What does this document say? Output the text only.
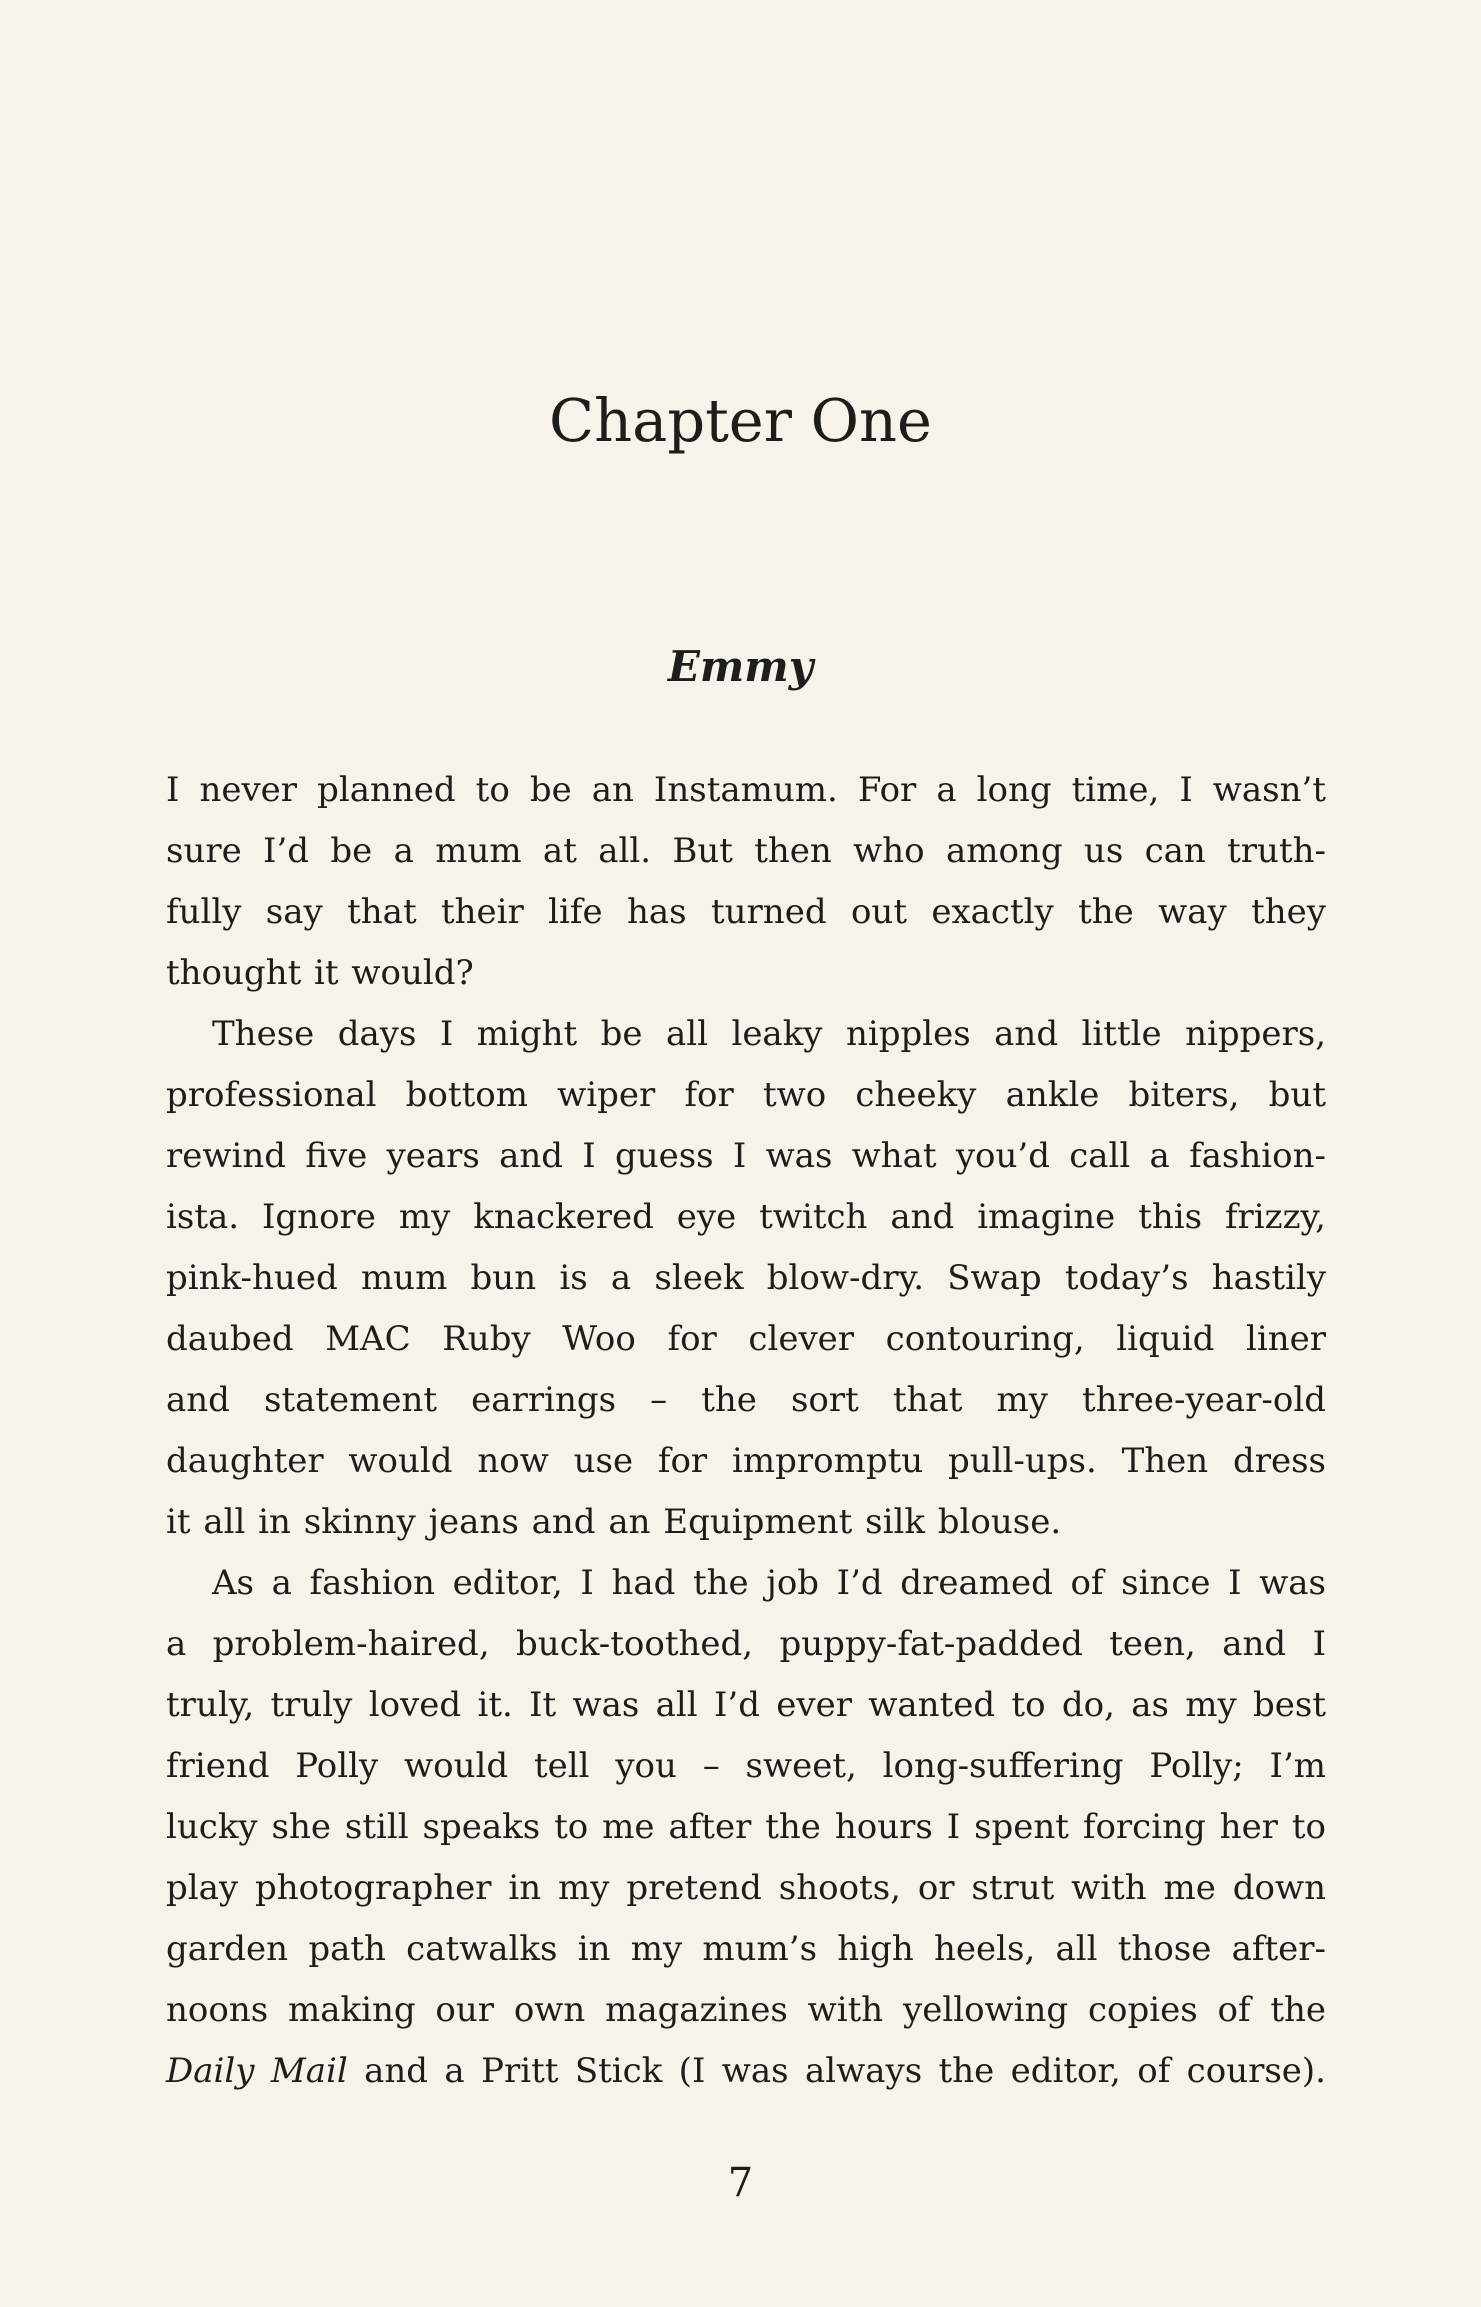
Chapter One
Emmy
I never planned to be an Instamum. For a long time, I wasn’t
sure I’d be a mum at all. But then who among us can truth-
fully say that their life has turned out exactly the way they
thought it would?
These days I might be all leaky nipples and little nippers,
professional bottom wiper for two cheeky ankle biters, but
rewind five years and I guess I was what you’d call a fashion-
ista. Ignore my knackered eye twitch and imagine this frizzy,
pink-hued mum bun is a sleek blow-dry. Swap today’s hastily
daubed MAC Ruby Woo for clever contouring, liquid liner
and statement earrings – the sort that my three-year-old
daughter would now use for impromptu pull-ups. Then dress
it all in skinny jeans and an Equipment silk blouse.
As a fashion editor, I had the job I’d dreamed of since I was
a problem-haired, buck-toothed, puppy-fat-padded teen, and I
truly, truly loved it. It was all I’d ever wanted to do, as my best
friend Polly would tell you – sweet, long-suffering Polly; I’m
lucky she still speaks to me after the hours I spent forcing her to
play photographer in my pretend shoots, or strut with me down
garden path catwalks in my mum’s high heels, all those after-
noons making our own magazines with yellowing copies of the
Daily Mail and a Pritt Stick (I was always the editor, of course).
7
